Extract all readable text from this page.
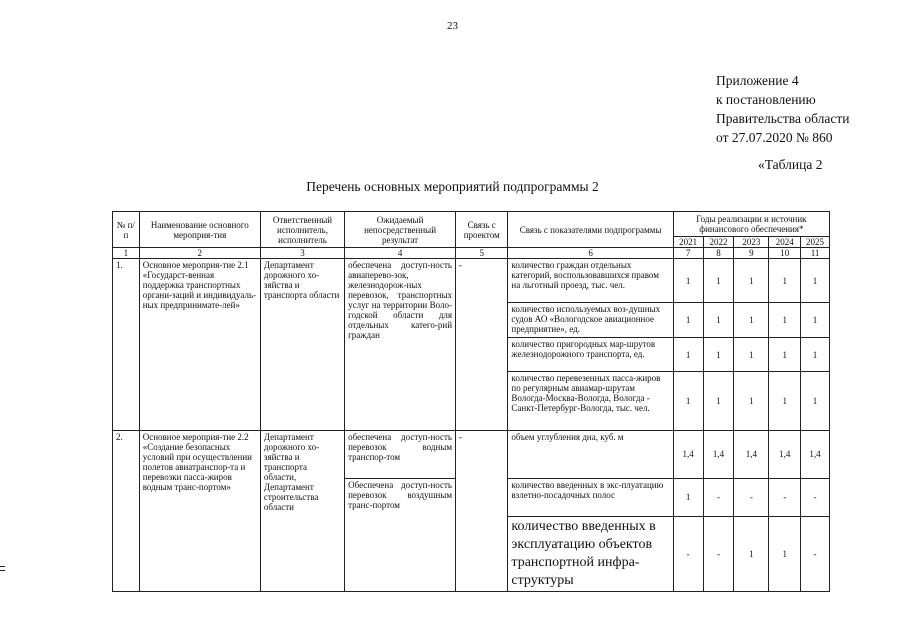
23
Приложение 4
к постановлению
Правительства области
от 27.07.2020 № 860
«Таблица 2
Перечень основных мероприятий подпрограммы 2
№ п/п	Наименование основного мероприя-тия	Ответственный исполнитель, исполнитель	Ожидаемый непосредственный результат	Связь с проектом	Связь с показателями подпрограммы	Годы реализации и источник финансового обеспечения*				
						2021	2022	2023	2024	2025
1	2	3	4	5	6	7	8	9	10	11
1.	Основное мероприя-тие 2.1 «Государст-венная поддержка транспортных органи-заций и индивидуаль-ных предпринимате-лей»	Департамент дорожного хо-зяйства и транспорта области	обеспечена доступ-ность авиаперево-зок, железнодорож-ных перевозок, транспортных услуг на территории Воло-годской области для отдельных катего-рий граждан	-	количество граждан отдельных категорий, воспользовавшихся правом на льготный проезд, тыс. чел.	1	1	1	1	1
					количество используемых воз-душных судов АО «Вологодское авиационное предприятие», ед.	1	1	1	1	1
					количество пригородных мар-шрутов железнодорожного транспорта, ед.	1	1	1	1	1
					количество перевезенных пасса-жиров по регулярным авиамар-шрутам Вологда-Москва-Вологда, Вологда - Санкт-Петербург-Вологда, тыс. чел.	1	1	1	1	1
2.	Основное мероприя-тие 2.2 «Создание безопасных условий при осуществлении полетов авиатранспор-та и перевозки пасса-жиров водным транс-портом»	Департамент дорожного хо-зяйства и транспорта области, Департамент строительства области	обеспечена доступ-ность перевозок водным транспор-том	-	объем углубления дна, куб. м	1,4	1,4	1,4	1,4	1,4
			Обеспечена доступ-ность перевозок воздушным транс-портом		количество введенных в экс-плуатацию взлетно-посадочных полос	1	-	-	-	-
					количество введенных в эксплуатацию объектов транспортной инфра-структуры	-	-	1	1	-
